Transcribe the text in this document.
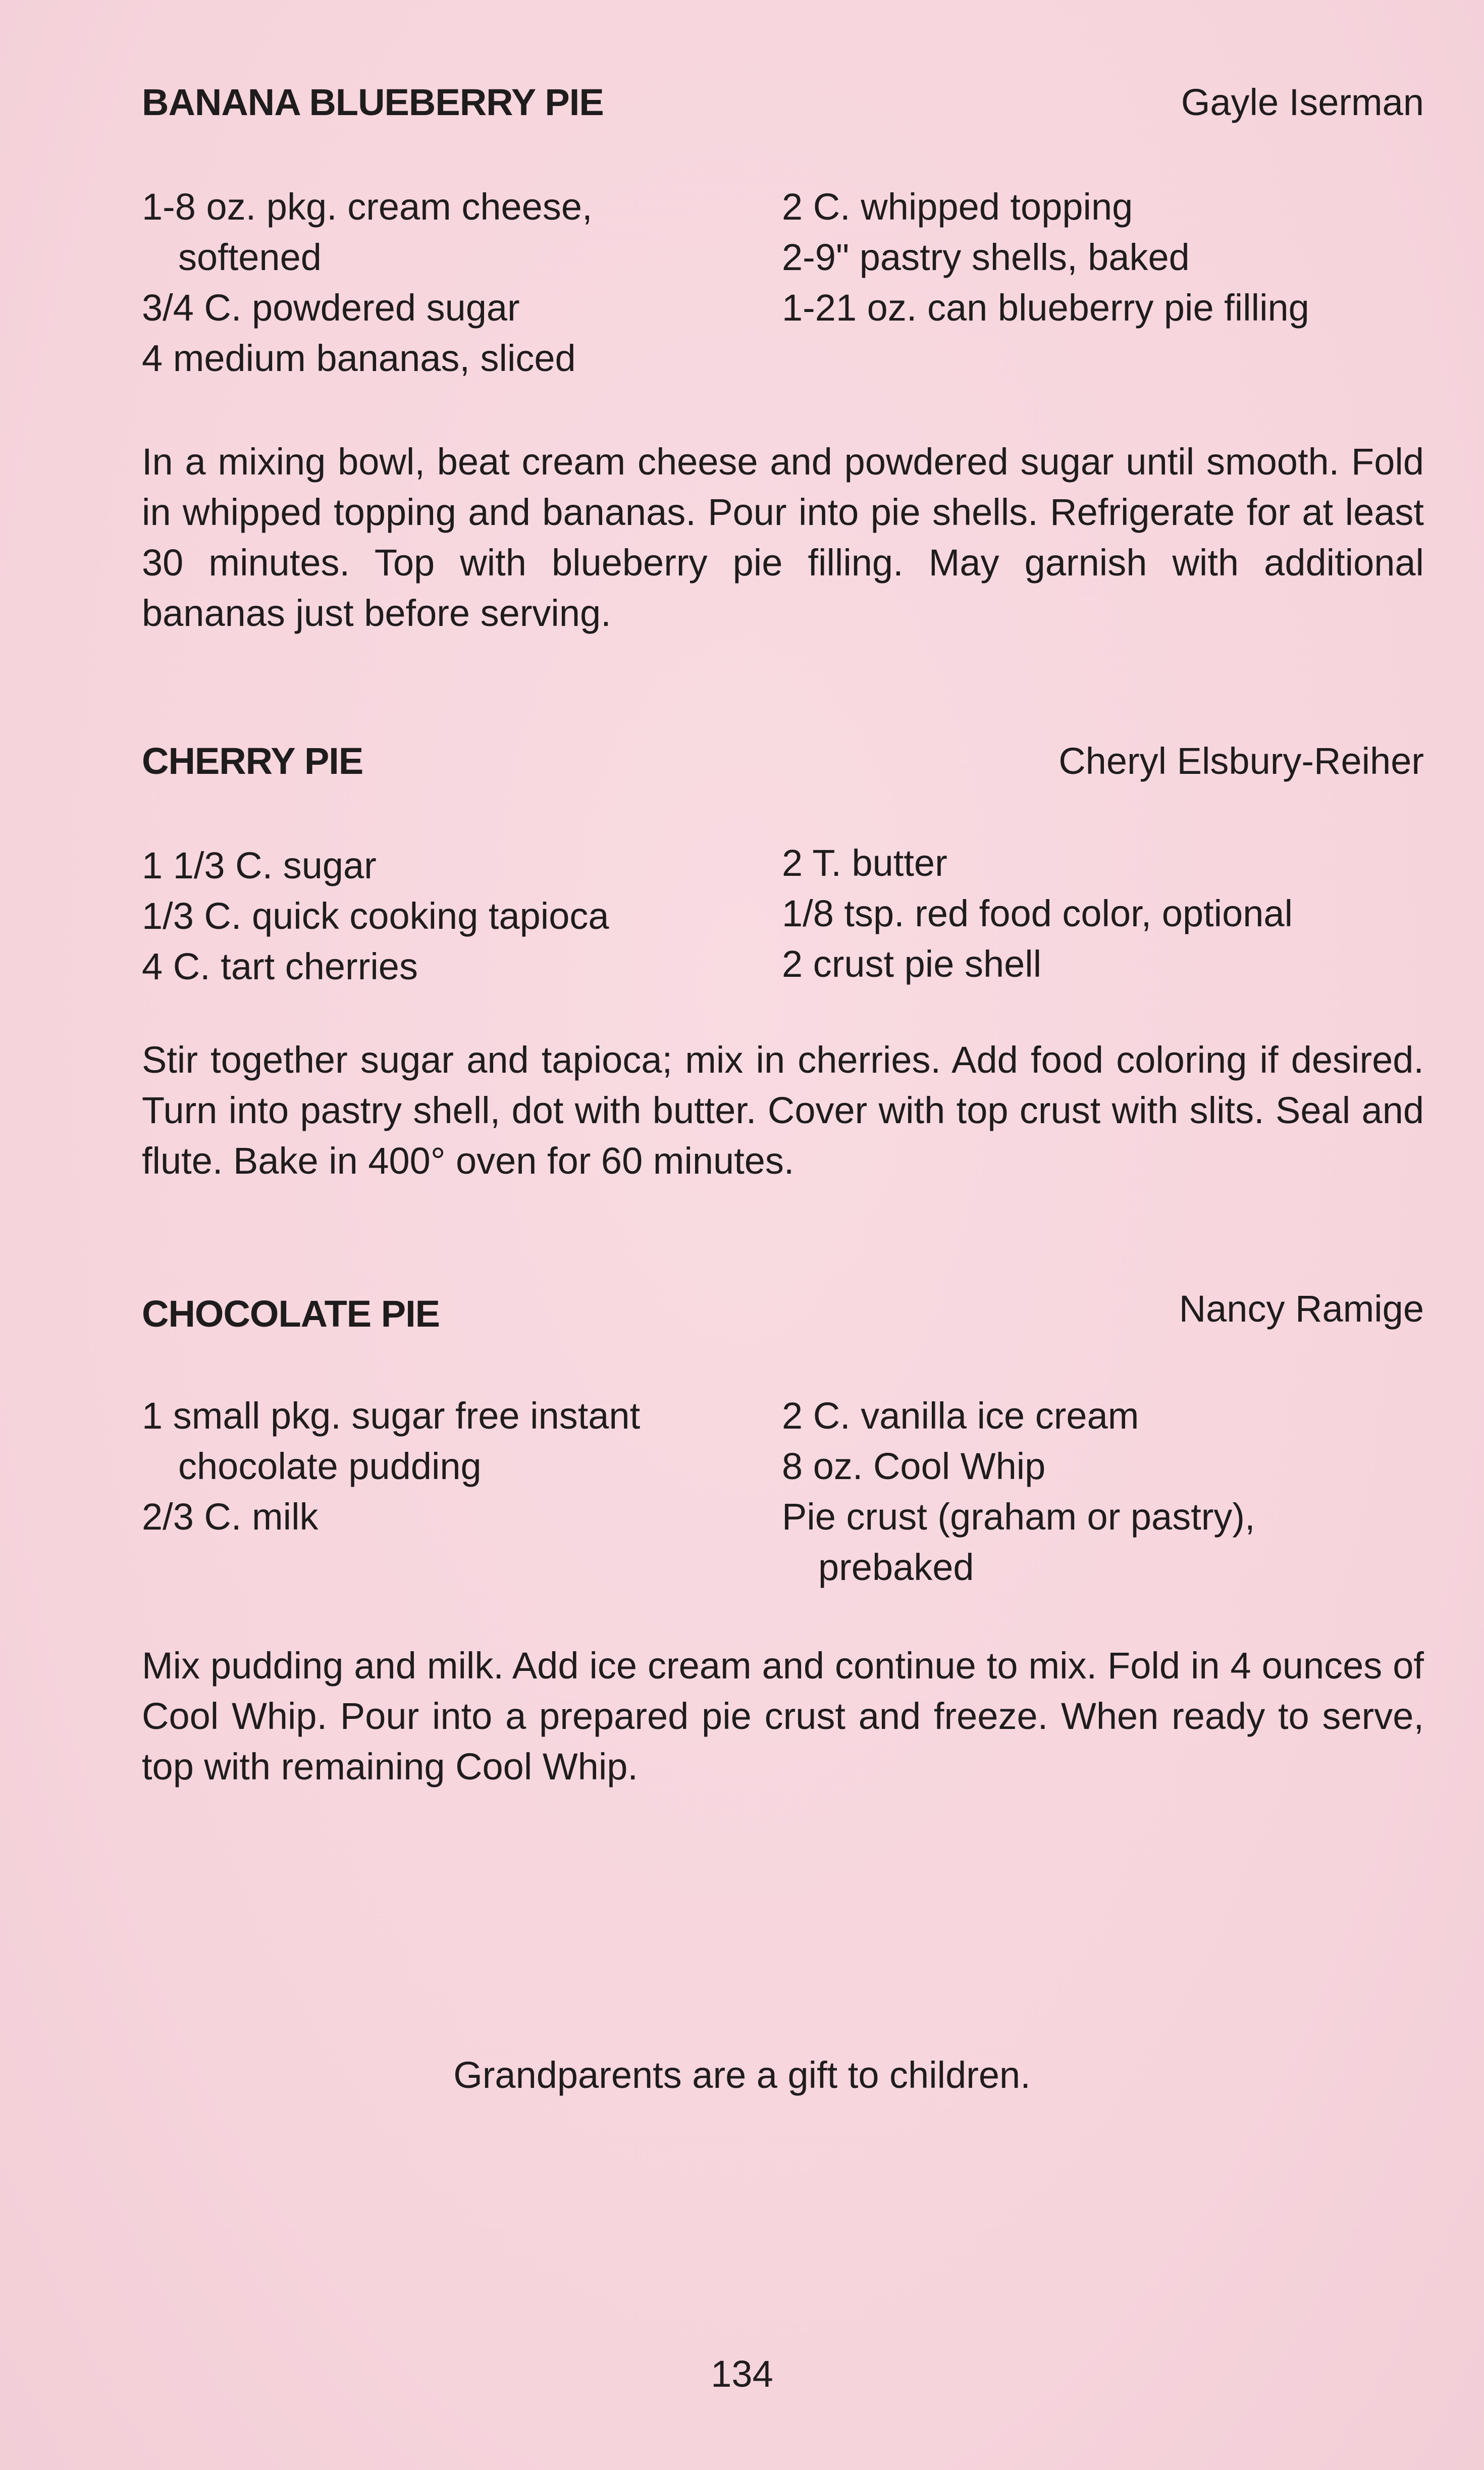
BANANA BLUEBERRY PIE	Gayle Iserman
1-8 oz. pkg. cream cheese,
softened
3/4 C. powdered sugar
4 medium bananas, sliced
2 C. whipped topping
2-9" pastry shells, baked
1-21 oz. can blueberry pie filling

In a mixing bowl, beat cream cheese and powdered sugar until smooth. Fold in whipped topping and bananas. Pour into pie shells. Refrigerate for at least 30 minutes. Top with blueberry pie filling. May garnish with additional bananas just before serving.

CHERRY PIE	Cheryl Elsbury-Reiher
1 1/3 C. sugar
1/3 C. quick cooking tapioca
4 C. tart cherries
2 T. butter
1/8 tsp. red food color, optional
2 crust pie shell

Stir together sugar and tapioca; mix in cherries. Add food coloring if desired. Turn into pastry shell, dot with butter. Cover with top crust with slits. Seal and flute. Bake in 400° oven for 60 minutes.

CHOCOLATE PIE	Nancy Ramige
1 small pkg. sugar free instant
chocolate pudding
2/3 C. milk
2 C. vanilla ice cream
8 oz. Cool Whip
Pie crust (graham or pastry),
prebaked

Mix pudding and milk. Add ice cream and continue to mix. Fold in 4 ounces of Cool Whip. Pour into a prepared pie crust and freeze. When ready to serve, top with remaining Cool Whip.

Grandparents are a gift to children.
134
